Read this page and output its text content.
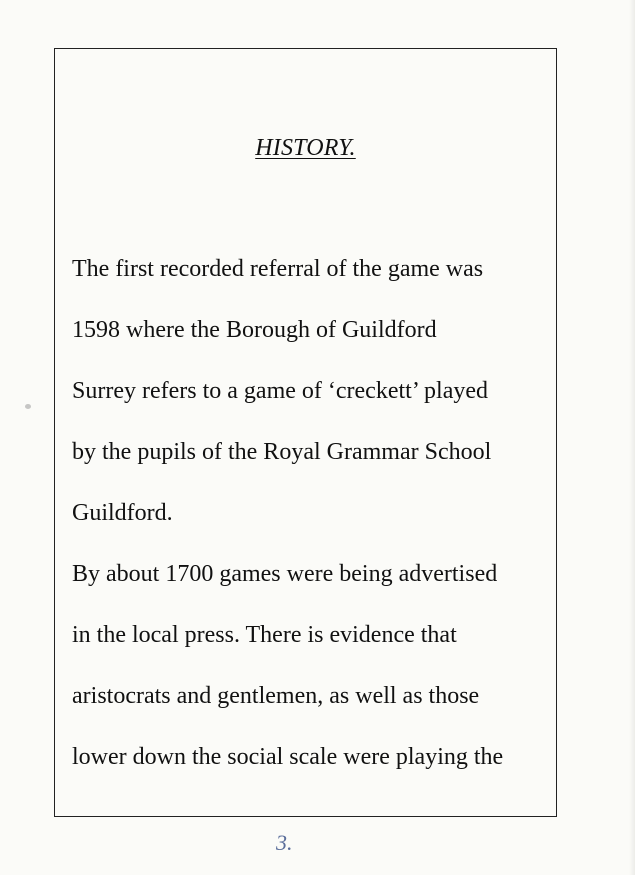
HISTORY.
The first recorded referral of the game was
1598 where the Borough of Guildford
Surrey refers to a game of ‘creckett’ played
by the pupils of the Royal Grammar School
Guildford.
By about 1700 games were being advertised
in the local press. There is evidence that
aristocrats and gentlemen, as well as those
lower down the social scale were playing the
3.
